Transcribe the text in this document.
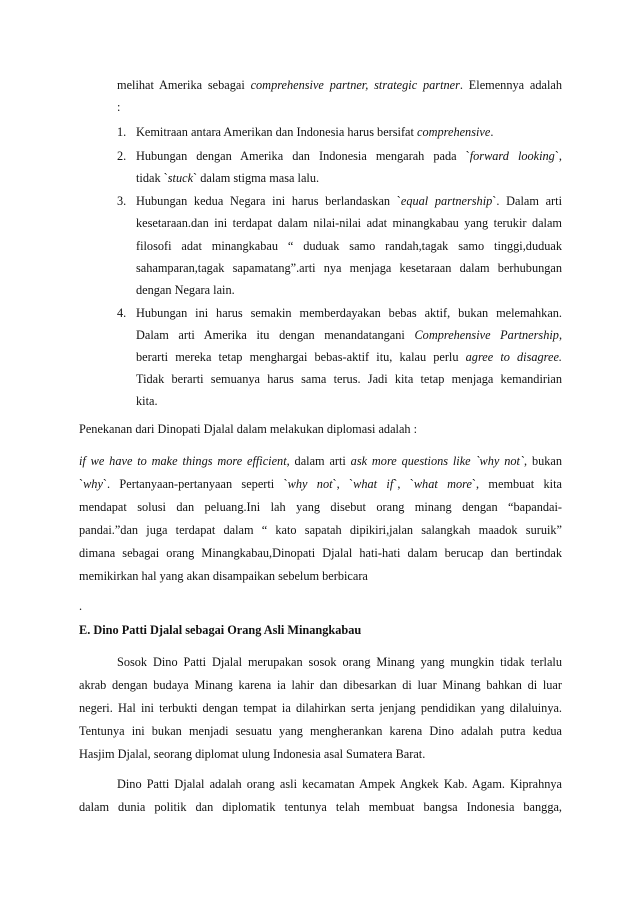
melihat Amerika sebagai comprehensive partner, strategic partner. Elemennya adalah
:
1. Kemitraan antara Amerikan dan Indonesia harus bersifat comprehensive.
2. Hubungan dengan Amerika dan Indonesia mengarah pada `forward looking`,
tidak `stuck` dalam stigma masa lalu.
3. Hubungan kedua Negara ini harus berlandaskan `equal partnership`. Dalam arti
kesetaraan.dan ini terdapat dalam nilai-nilai adat minangkabau yang terukir dalam
filosofi adat minangkabau “ duduak samo randah,tagak samo tinggi,duduak
sahamparan,tagak sapamatang”.arti nya menjaga kesetaraan dalam berhubungan
dengan Negara lain.
4. Hubungan ini harus semakin memberdayakan bebas aktif, bukan melemahkan.
Dalam arti Amerika itu dengan menandatangani Comprehensive Partnership,
berarti mereka tetap menghargai bebas-aktif itu, kalau perlu agree to disagree.
Tidak berarti semuanya harus sama terus. Jadi kita tetap menjaga kemandirian
kita.
Penekanan dari Dinopati Djalal dalam melakukan diplomasi adalah :
if we have to make things more efficient, dalam arti ask more questions like `why not`, bukan
`why`. Pertanyaan-pertanyaan seperti `why not`, `what if`, `what more`, membuat kita
mendapat solusi dan peluang.Ini lah yang disebut orang minang dengan “bapandai-
pandai.”dan juga terdapat dalam “ kato sapatah dipikiri,jalan salangkah maadok suruik”
dimana sebagai orang Minangkabau,Dinopati Djalal hati-hati dalam berucap dan bertindak
memikirkan hal yang akan disampaikan sebelum berbicara
.
E. Dino Patti Djalal sebagai Orang Asli Minangkabau
Sosok Dino Patti Djalal merupakan sosok orang Minang yang mungkin tidak terlalu
akrab dengan budaya Minang karena ia lahir dan dibesarkan di luar Minang bahkan di luar
negeri. Hal ini terbukti dengan tempat ia dilahirkan serta jenjang pendidikan yang dilaluinya.
Tentunya ini bukan menjadi sesuatu yang mengherankan karena Dino adalah putra kedua
Hasjim Djalal, seorang diplomat ulung Indonesia asal Sumatera Barat.
Dino Patti Djalal adalah orang asli kecamatan Ampek Angkek Kab. Agam. Kiprahnya
dalam dunia politik dan diplomatik tentunya telah membuat bangsa Indonesia bangga,
